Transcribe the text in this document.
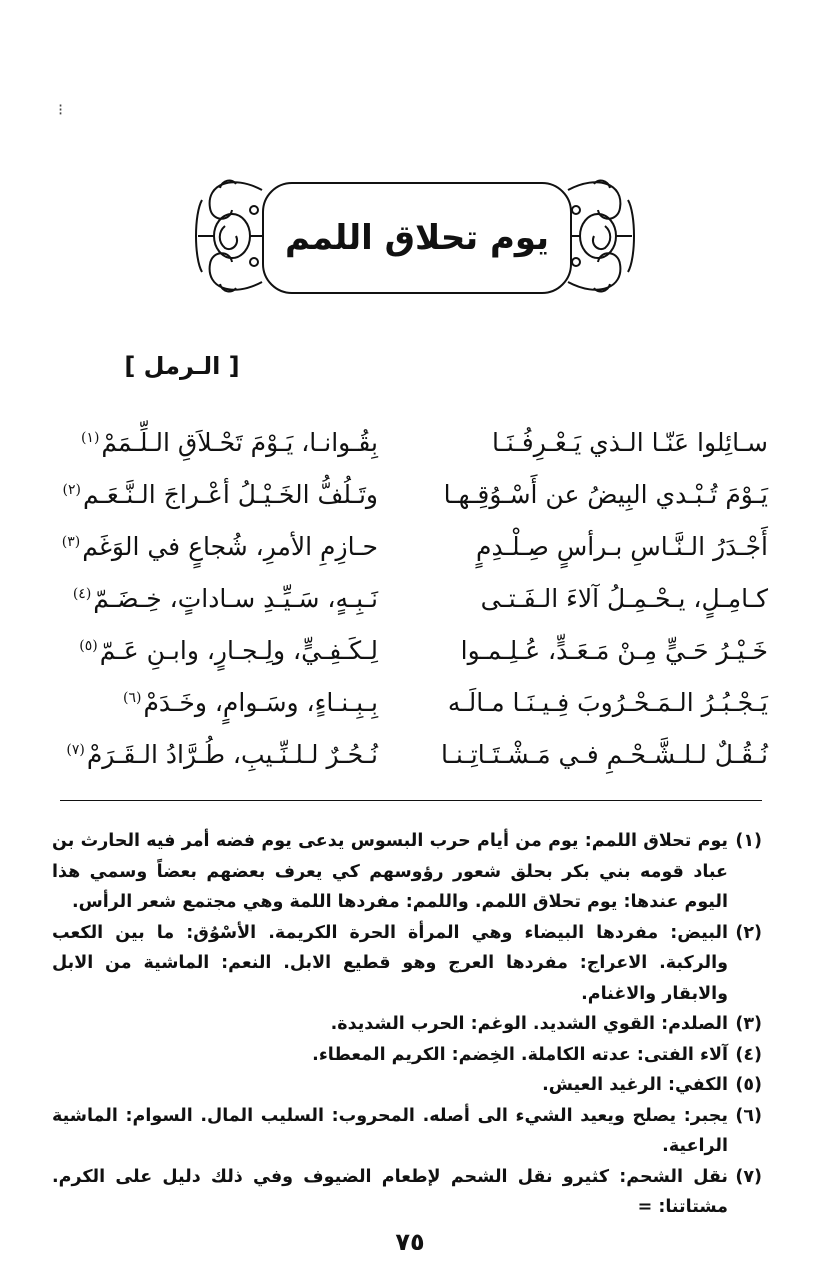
⁝
يوم تحلاق اللمم
[ الـرمل ]
سـائِلوا عَنّـا الـذي يَـعْـرِفُـنَـا
بِقُـوانـا، يَـوْمَ تَحْـلاَقِ الـلِّـمَمْ$^{(١)}$
يَـوْمَ تُـبْـدي البِيضُ عن أَسْـوُقِـهـا
وتَـلُفُّ الخَـيْـلُ أعْـراجَ الـنَّـعَـم$^{(٢)}$
أَجْـدَرُ الـنَّـاسِ بـرأسٍ صِـلْـدِمٍ
حـازِمِ الأمرِ، شُجاعٍ في الوَغَم$^{(٣)}$
كـامِـلٍ، يـحْـمِـلُ آلاءَ الـفَـتـى
نَـبِـهٍ، سَـيِّـدِ سـاداتٍ، خِـضَـمّ$^{(٤)}$
خَـيْـرُ حَـيٍّ مِـنْ مَـعَـدٍّ، عُـلِـمـوا
لِـكَـفِـيٍّ، ولِـجـارٍ، وابـنِ عَـمّ$^{(٥)}$
يَـجْـبُـرُ الـمَـحْـرُوبَ فِـيـنَـا مـالَـه
بِـبِـنـاءٍ، وسَـوامٍ، وخَـدَمْ$^{(٦)}$
نُـقُـلٌ لـلـشَّـحْـمِ فـي مَـشْـتَـاتِـنـا
نُـحُـرٌ لـلـنِّـيبِ، طُـرَّادُ الـقَـرَمْ$^{(٧)}$

(١)
يوم تحلاق اللمم: يوم من أيام حرب البسوس يدعى يوم فضه أمر فيه الحارث بن عباد قومه بني بكر بحلق شعور رؤوسهم كي يعرف بعضهم بعضاً وسمي هذا اليوم عندها: يوم تحلاق اللمم. واللمم: مفردها اللمة وهي مجتمع شعر الرأس.

(٢)
البيض: مفردها البيضاء وهي المرأة الحرة الكريمة. الأسْوُق: ما بين الكعب والركبة. الاعراج: مفردها العرج وهو قطيع الابل. النعم: الماشية من الابل والابقار والاغنام.

(٣)
الصلدم: القوي الشديد. الوغم: الحرب الشديدة.

(٤)
آلاء الفتى: عدته الكاملة. الخِضم: الكريم المعطاء.

(٥)
الكفي: الرغيد العيش.

(٦)
يجبر: يصلح ويعيد الشيء الى أصله. المحروب: السليب المال. السوام: الماشية الراعية.

(٧)
نقل الشحم: كثيرو نقل الشحم لإطعام الضيوف وفي ذلك دليل على الكرم. مشتاتنا: =

٧٥
